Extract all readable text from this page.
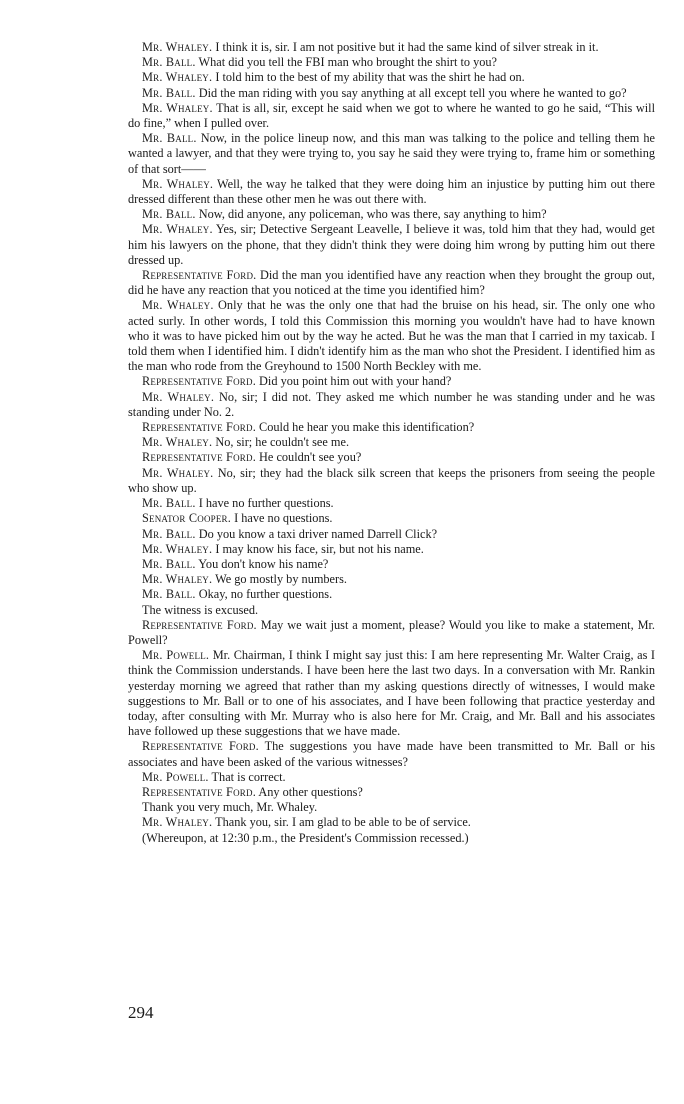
Mr. Whaley. I think it is, sir. I am not positive but it had the same kind of silver streak in it.

Mr. Ball. What did you tell the FBI man who brought the shirt to you?

Mr. Whaley. I told him to the best of my ability that was the shirt he had on.

Mr. Ball. Did the man riding with you say anything at all except tell you where he wanted to go?

Mr. Whaley. That is all, sir, except he said when we got to where he wanted to go he said, “This will do fine,” when I pulled over.

Mr. Ball. Now, in the police lineup now, and this man was talking to the police and telling them he wanted a lawyer, and that they were trying to, you say he said they were trying to, frame him or something of that sort——

Mr. Whaley. Well, the way he talked that they were doing him an injustice by putting him out there dressed different than these other men he was out there with.

Mr. Ball. Now, did anyone, any policeman, who was there, say anything to him?

Mr. Whaley. Yes, sir; Detective Sergeant Leavelle, I believe it was, told him that they had, would get him his lawyers on the phone, that they didn't think they were doing him wrong by putting him out there dressed up.

Representative Ford. Did the man you identified have any reaction when they brought the group out, did he have any reaction that you noticed at the time you identified him?

Mr. Whaley. Only that he was the only one that had the bruise on his head, sir. The only one who acted surly. In other words, I told this Commission this morning you wouldn't have had to have known who it was to have picked him out by the way he acted. But he was the man that I carried in my taxicab. I told them when I identified him. I didn't identify him as the man who shot the President. I identified him as the man who rode from the Greyhound to 1500 North Beckley with me.

Representative Ford. Did you point him out with your hand?

Mr. Whaley. No, sir; I did not. They asked me which number he was standing under and he was standing under No. 2.

Representative Ford. Could he hear you make this identification?

Mr. Whaley. No, sir; he couldn't see me.

Representative Ford. He couldn't see you?

Mr. Whaley. No, sir; they had the black silk screen that keeps the prisoners from seeing the people who show up.

Mr. Ball. I have no further questions.

Senator Cooper. I have no questions.

Mr. Ball. Do you know a taxi driver named Darrell Click?

Mr. Whaley. I may know his face, sir, but not his name.

Mr. Ball. You don't know his name?

Mr. Whaley. We go mostly by numbers.

Mr. Ball. Okay, no further questions.

The witness is excused.

Representative Ford. May we wait just a moment, please? Would you like to make a statement, Mr. Powell?

Mr. Powell. Mr. Chairman, I think I might say just this: I am here representing Mr. Walter Craig, as I think the Commission understands. I have been here the last two days. In a conversation with Mr. Rankin yesterday morning we agreed that rather than my asking questions directly of witnesses, I would make suggestions to Mr. Ball or to one of his associates, and I have been following that practice yesterday and today, after consulting with Mr. Murray who is also here for Mr. Craig, and Mr. Ball and his associates have followed up these suggestions that we have made.

Representative Ford. The suggestions you have made have been transmitted to Mr. Ball or his associates and have been asked of the various witnesses?

Mr. Powell. That is correct.

Representative Ford. Any other questions?

Thank you very much, Mr. Whaley.

Mr. Whaley. Thank you, sir. I am glad to be able to be of service.

(Whereupon, at 12:30 p.m., the President's Commission recessed.)

294
